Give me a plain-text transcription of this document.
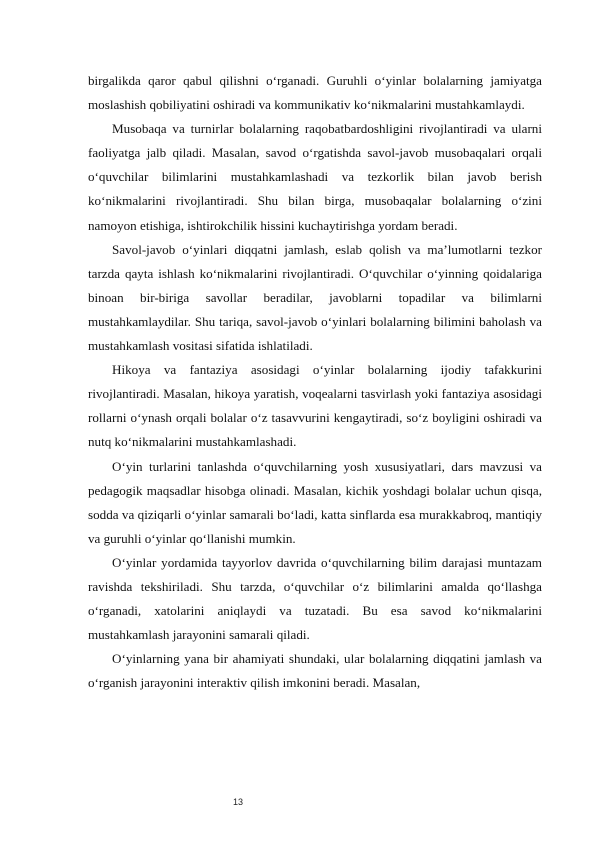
birgalikda qaror qabul qilishni o‘rganadi. Guruhli o‘yinlar bolalarning jamiyatga moslashish qobiliyatini oshiradi va kommunikativ ko‘nikmalarini mustahkamlaydi.

Musobaqa va turnirlar bolalarning raqobatbardoshligini rivojlantiradi va ularni faoliyatga jalb qiladi. Masalan, savod o‘rgatishda savol-javob musobaqalari orqali o‘quvchilar bilimlarini mustahkamlashadi va tezkorlik bilan javob berish ko‘nikmalarini rivojlantiradi. Shu bilan birga, musobaqalar bolalarning o‘zini namoyon etishiga, ishtirokchilik hissini kuchaytirishga yordam beradi.

Savol-javob o‘yinlari diqqatni jamlash, eslab qolish va ma’lumotlarni tezkor tarzda qayta ishlash ko‘nikmalarini rivojlantiradi. O‘quvchilar o‘yinning qoidalariga binoan bir-biriga savollar beradilar, javoblarni topadilar va bilimlarni mustahkamlaydilar. Shu tariqa, savol-javob o‘yinlari bolalarning bilimini baholash va mustahkamlash vositasi sifatida ishlatiladi.

Hikoya va fantaziya asosidagi o‘yinlar bolalarning ijodiy tafakkurini rivojlantiradi. Masalan, hikoya yaratish, voqealarni tasvirlash yoki fantaziya asosidagi rollarni o‘ynash orqali bolalar o‘z tasavvurini kengaytiradi, so‘z boyligini oshiradi va nutq ko‘nikmalarini mustahkamlashadi.

O‘yin turlarini tanlashda o‘quvchilarning yosh xususiyatlari, dars mavzusi va pedagogik maqsadlar hisobga olinadi. Masalan, kichik yoshdagi bolalar uchun qisqa, sodda va qiziqarli o‘yinlar samarali bo‘ladi, katta sinflarda esa murakkabroq, mantiqiy va guruhli o‘yinlar qo‘llanishi mumkin.

O‘yinlar yordamida tayyorlov davrida o‘quvchilarning bilim darajasi muntazam ravishda tekshiriladi. Shu tarzda, o‘quvchilar o‘z bilimlarini amalda qo‘llashga o‘rganadi, xatolarini aniqlaydi va tuzatadi. Bu esa savod ko‘nikmalarini mustahkamlash jarayonini samarali qiladi.

O‘yinlarning yana bir ahamiyati shundaki, ular bolalarning diqqatini jamlash va o‘rganish jarayonini interaktiv qilish imkonini beradi. Masalan,

13
